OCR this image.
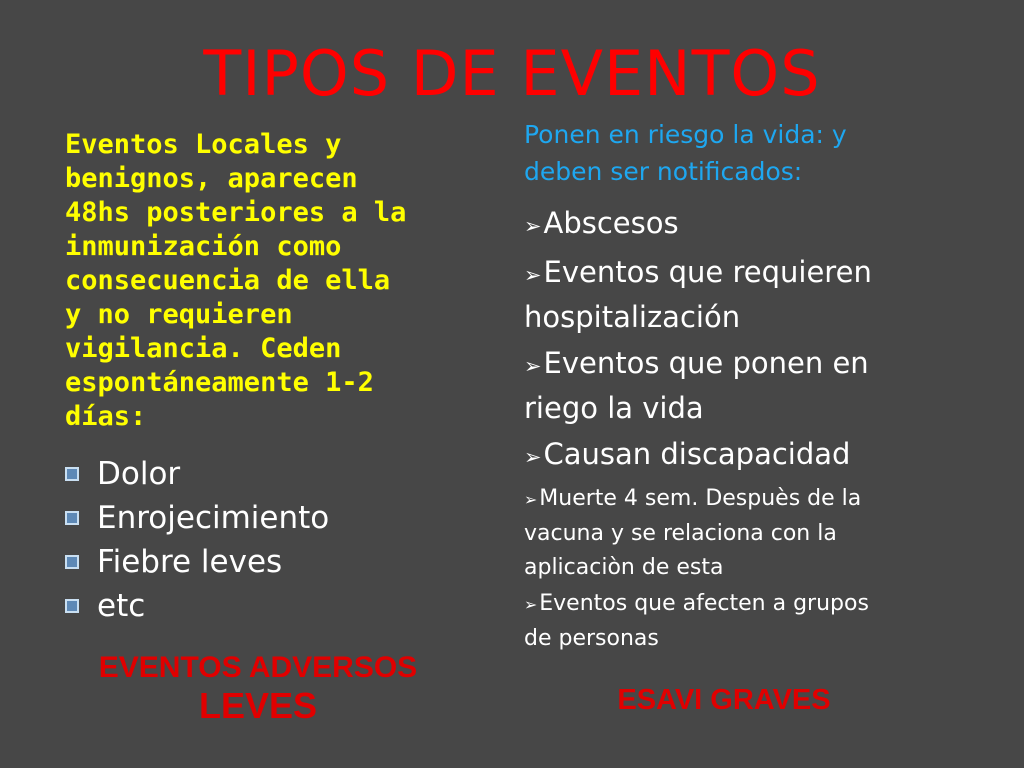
TIPOS DE EVENTOS

Eventos Locales y
benignos, aparecen
48hs posteriores a la
inmunización como
consecuencia de ella
y no requieren
vigilancia. Ceden
espontáneamente 1-2
días:

Dolor
Enrojecimiento
Fiebre leves
etc
EVENTOS ADVERSOS
LEVES

Ponen en riesgo la vida: y
deben ser notificados:

➢Abscesos
➢Eventos que requieren
hospitalización
➢Eventos que ponen en
riego la vida
➢Causan discapacidad
➢Muerte 4 sem. Despuès de la
vacuna y se relaciona con la
aplicaciòn de esta
➢Eventos que afecten a grupos
de personas
ESAVI GRAVES
